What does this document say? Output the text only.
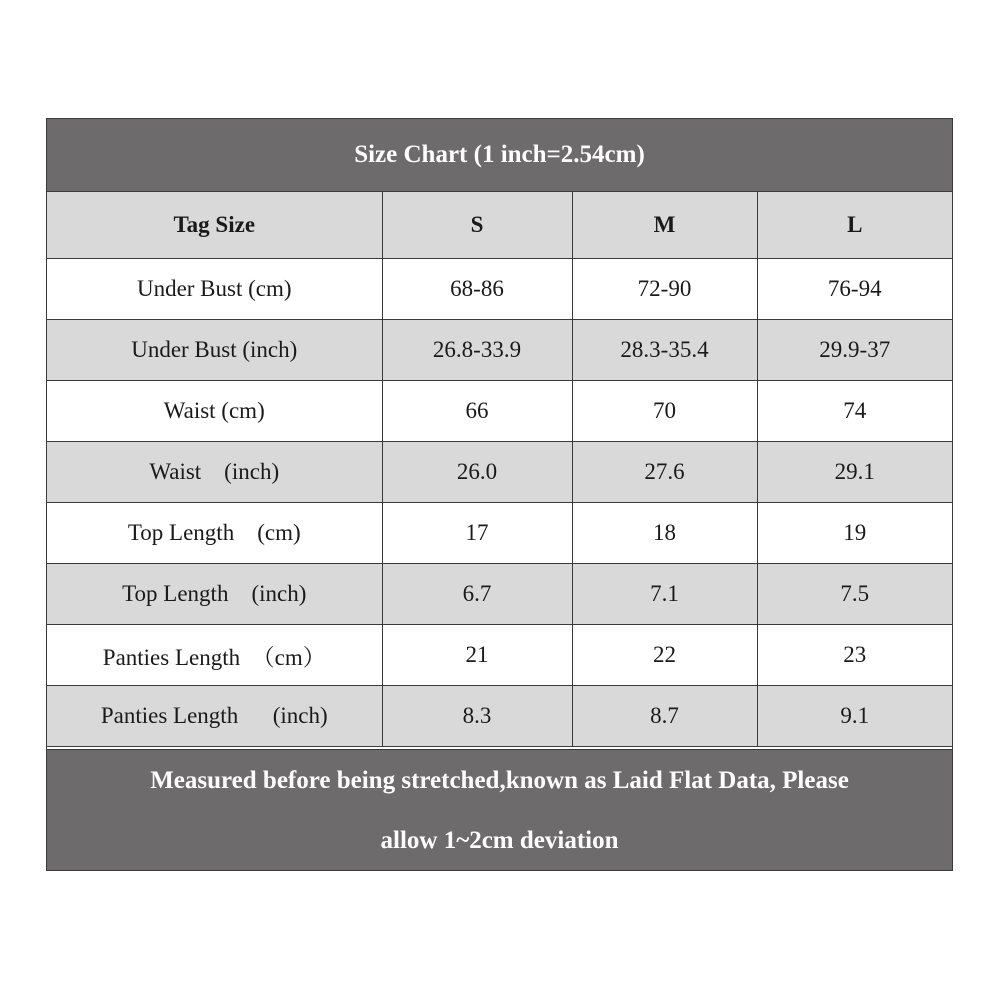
Size Chart (1 inch=2.54cm)
Tag Size	S	M	L
Under Bust (cm)	68-86	72-90	76-94
Under Bust (inch)	26.8-33.9	28.3-35.4	29.9-37
Waist (cm)	66	70	74
Waist    (inch)	26.0	27.6	29.1
Top Length    (cm)	17	18	19
Top Length    (inch)	6.7	7.1	7.5
Panties Length  （cm）	21	22	23
Panties Length      (inch)	8.3	8.7	9.1
Measured before being stretched,known as Laid Flat Data, Please
allow 1~2cm deviation
